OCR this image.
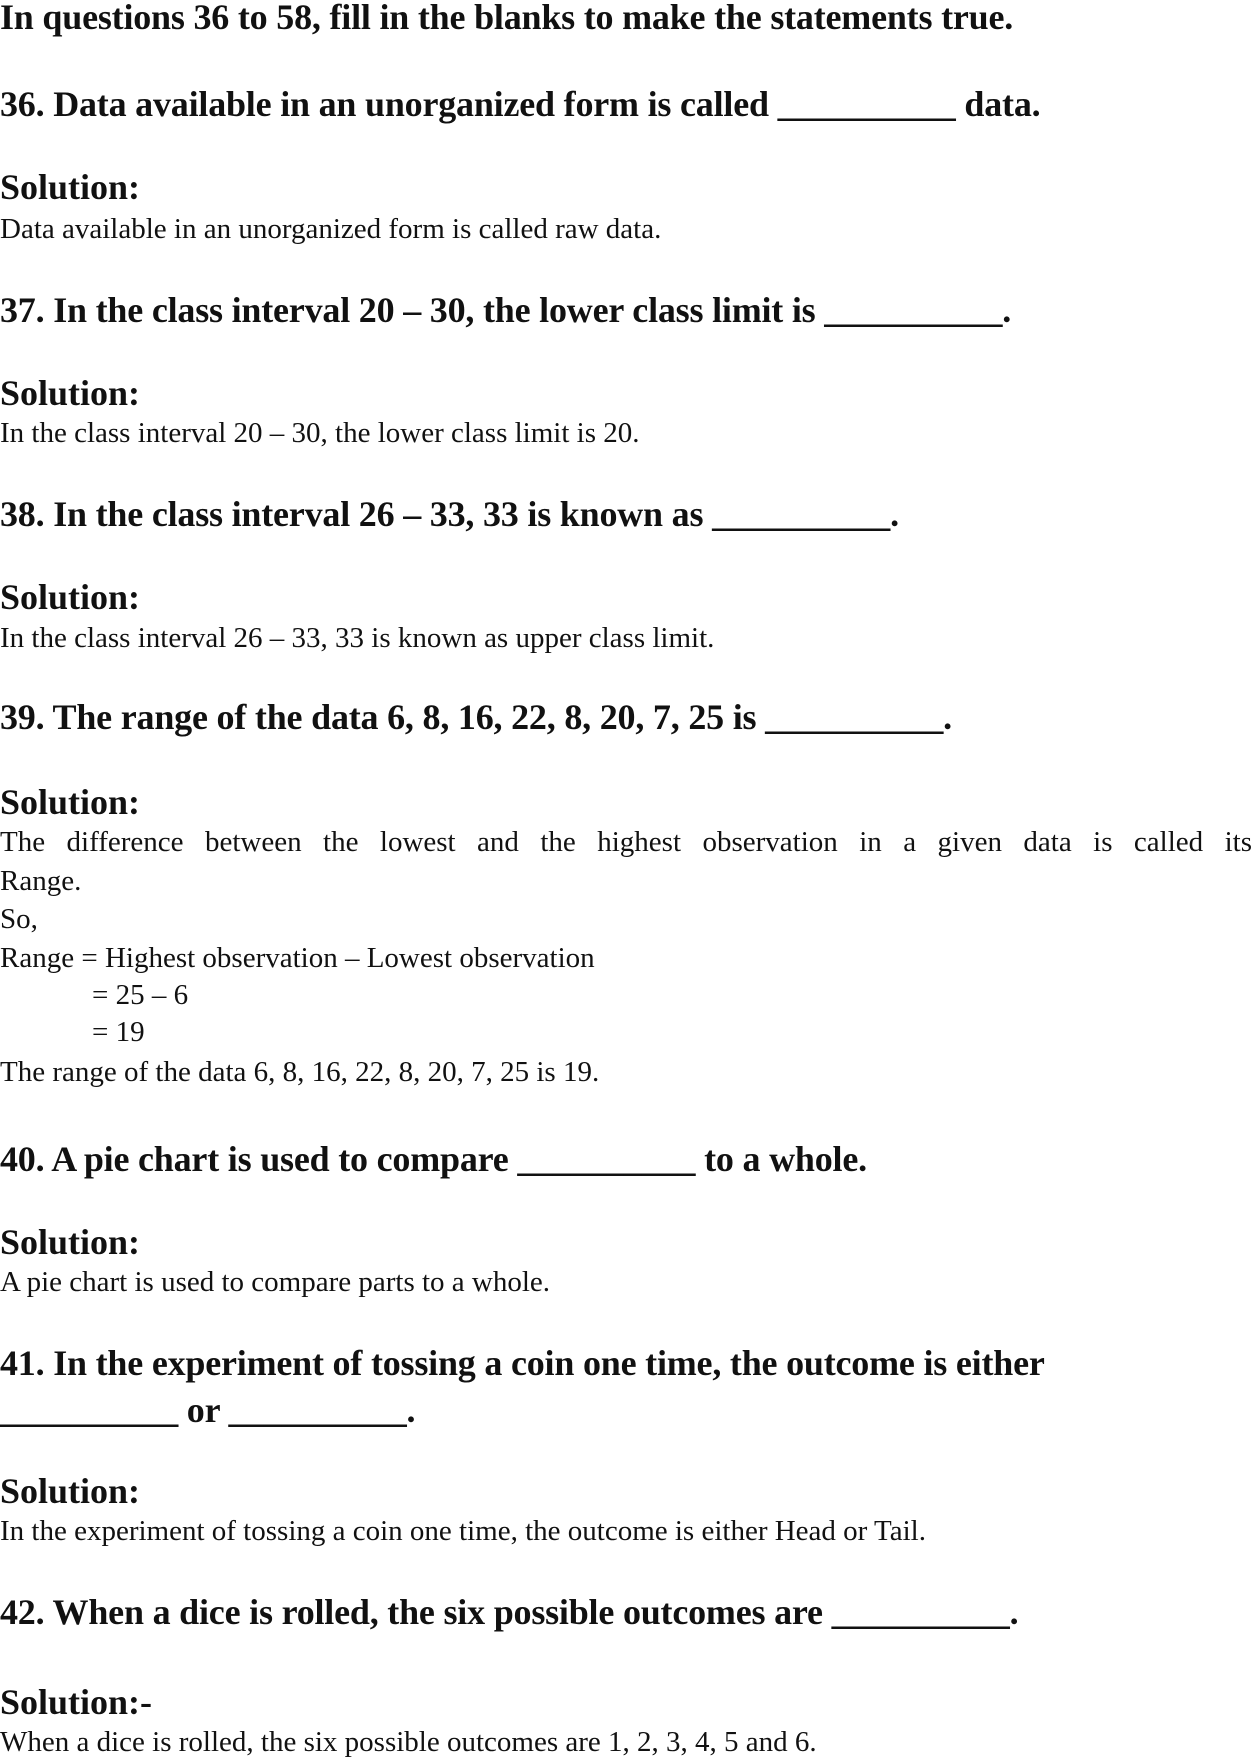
In questions 36 to 58, fill in the blanks to make the statements true.
36. Data available in an unorganized form is called __________ data.
Solution:
Data available in an unorganized form is called raw data.
37. In the class interval 20 – 30, the lower class limit is __________.
Solution:
In the class interval 20 – 30, the lower class limit is 20.
38. In the class interval 26 – 33, 33 is known as __________.
Solution:
In the class interval 26 – 33, 33 is known as upper class limit.
39. The range of the data 6, 8, 16, 22, 8, 20, 7, 25 is __________.
Solution:
The difference between the lowest and the highest observation in a given data is called its
Range.
So,
Range = Highest observation – Lowest observation
= 25 – 6
= 19
The range of the data 6, 8, 16, 22, 8, 20, 7, 25 is 19.
40. A pie chart is used to compare __________ to a whole.
Solution:
A pie chart is used to compare parts to a whole.
41. In the experiment of tossing a coin one time, the outcome is either
__________ or __________.
Solution:
In the experiment of tossing a coin one time, the outcome is either Head or Tail.
42. When a dice is rolled, the six possible outcomes are __________.
Solution:-
When a dice is rolled, the six possible outcomes are 1, 2, 3, 4, 5 and 6.
